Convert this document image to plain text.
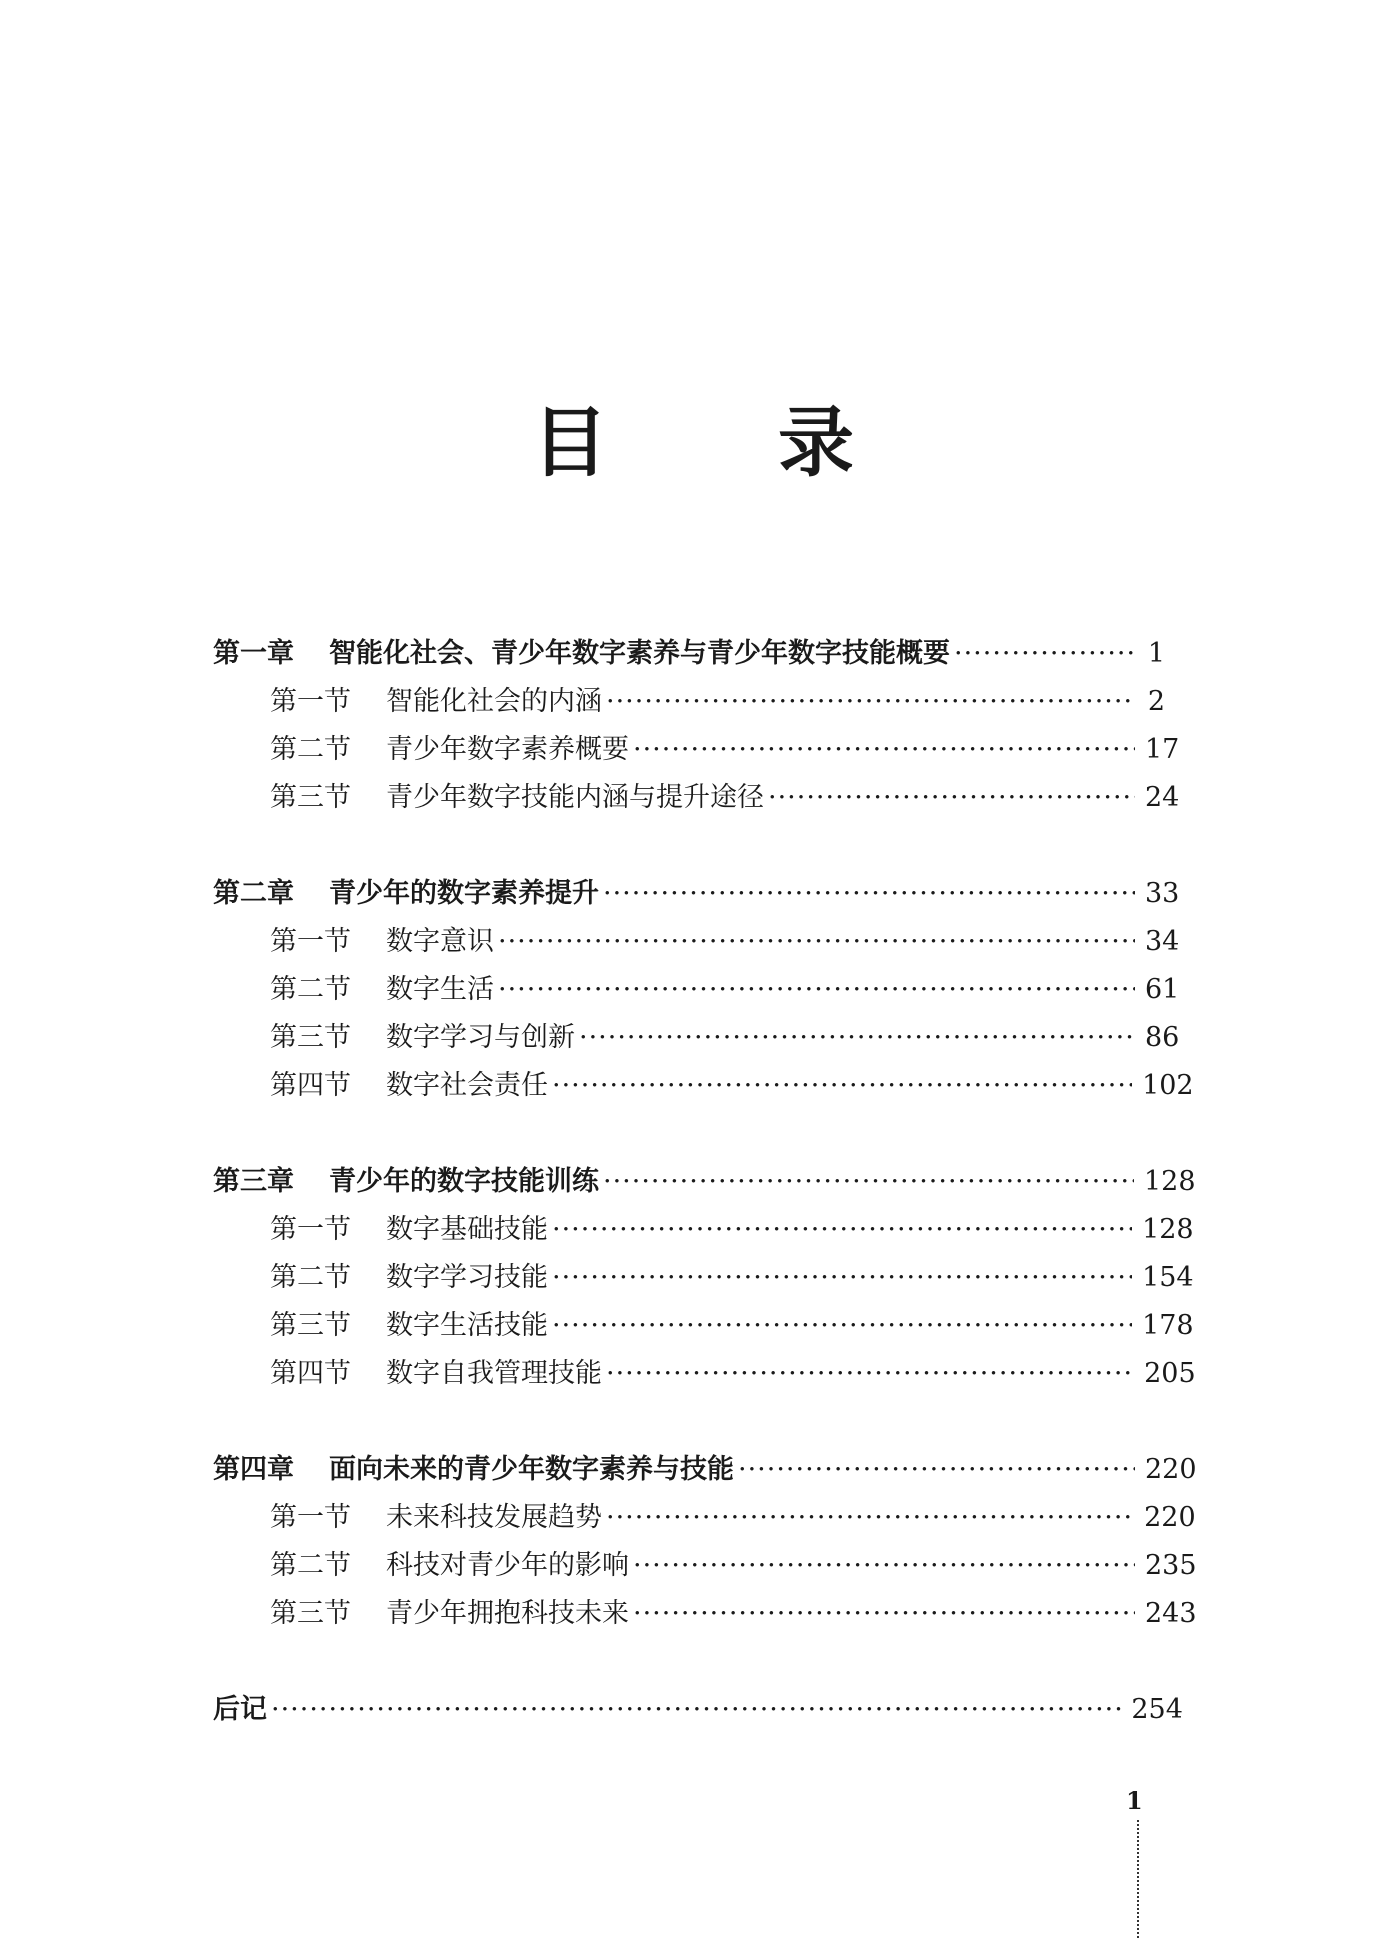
目 录
第一章	智能化社会、青少年数字素养与青少年数字技能概要 ·····	1
第一节	智能化社会的内涵 ·····	2
第二节	青少年数字素养概要 ·····	17
第三节	青少年数字技能内涵与提升途径 ·····	24
第二章	青少年的数字素养提升 ·····	33
第一节	数字意识 ·····	34
第二节	数字生活 ·····	61
第三节	数字学习与创新 ·····	86
第四节	数字社会责任 ·····	102
第三章	青少年的数字技能训练 ·····	128
第一节	数字基础技能 ·····	128
第二节	数字学习技能 ·····	154
第三节	数字生活技能 ·····	178
第四节	数字自我管理技能 ·····	205
第四章	面向未来的青少年数字素养与技能 ·····	220
第一节	未来科技发展趋势 ·····	220
第二节	科技对青少年的影响 ·····	235
第三节	青少年拥抱科技未来 ·····	243
后记 ·····	254
1
